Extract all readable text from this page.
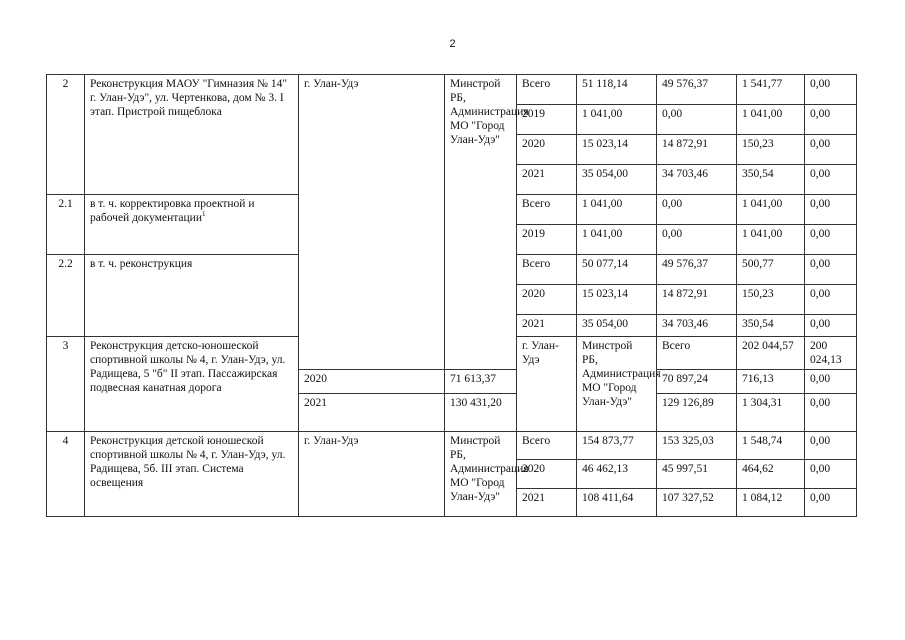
2
2	Реконструкция МАОУ "Гимназия № 14" г. Улан-Удэ", ул. Чертенкова, дом № 3. I этап. Пристрой пищеблока	г. Улан-Удэ	Минстрой РБ, Администрация МО "Город Улан-Удэ"	Всего	51 118,14	49 576,37	1 541,77	0,00	
				2019	1 041,00	0,00	1 041,00	0,00	
				2020	15 023,14	14 872,91	150,23	0,00	
				2021	35 054,00	34 703,46	350,54	0,00	
2.1	в т. ч. корректировка проектной и рабочей документации$^1$			Всего	1 041,00	0,00	1 041,00	0,00	
				2019	1 041,00	0,00	1 041,00	0,00	
2.2	в т. ч. реконструкция			Всего	50 077,14	49 576,37	500,77	0,00	
				2020	15 023,14	14 872,91	150,23	0,00	
				2021	35 054,00	34 703,46	350,54	0,00	
3	Реконструкция детско-юношеской спортивной школы № 4, г. Улан-Удэ, ул. Радищева, 5 "б" II этап. Пассажирская подвесная канатная дорога			г. Улан-Удэ	Минстрой РБ, Администрация МО "Город Улан-Удэ"	Всего	202 044,57	200 024,13		
		2020	71 613,37			70 897,24	716,13	0,00	
		2021	130 431,20			129 126,89	1 304,31	0,00	
4	Реконструкция детской юношеской спортивной школы № 4, г. Улан-Удэ, ул. Радищева, 5б. III этап. Система освещения	г. Улан-Удэ	Минстрой РБ, Администрация МО "Город Улан-Удэ"	Всего	154 873,77	153 325,03	1 548,74	0,00	
				2020	46 462,13	45 997,51	464,62	0,00	
				2021	108 411,64	107 327,52	1 084,12	0,00	
